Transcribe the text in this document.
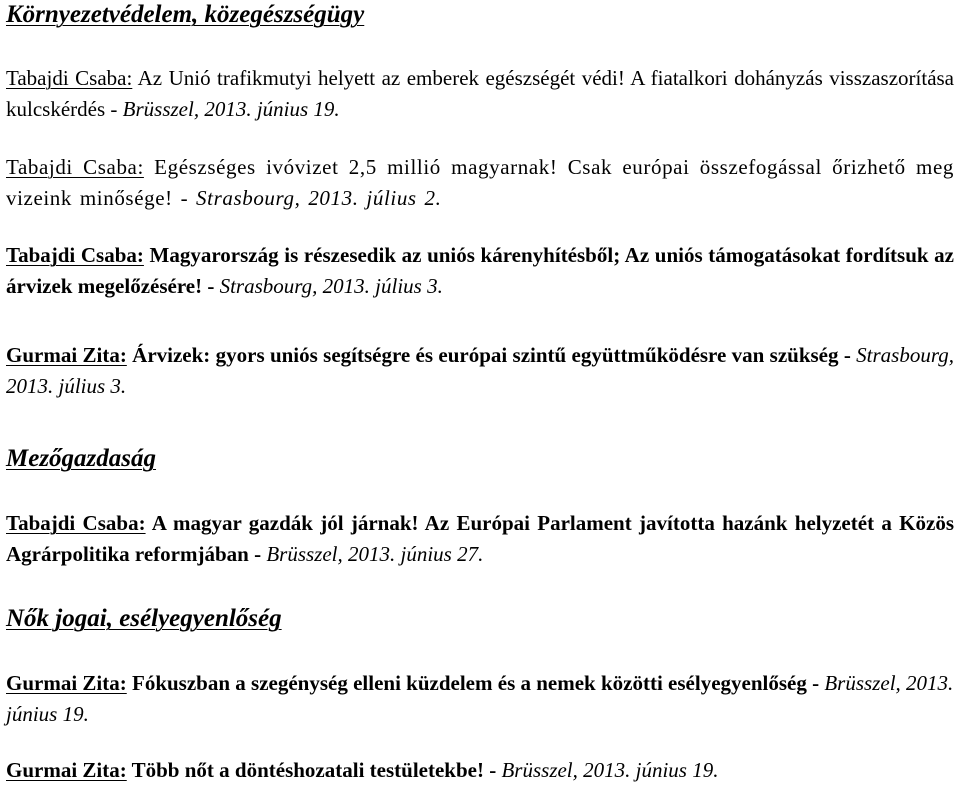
Környezetvédelem, közegészségügy

Tabajdi Csaba: Az Unió trafikmutyi helyett az emberek egészségét védi! A fiatalkori dohányzás visszaszorítása kulcskérdés - Brüsszel, 2013. június 19.

Tabajdi Csaba: Egészséges ivóvizet 2,5 millió magyarnak! Csak európai összefogással őrizhető meg vizeink minősége! - Strasbourg, 2013. július 2.

Tabajdi Csaba: Magyarország is részesedik az uniós kárenyhítésből; Az uniós támogatásokat fordítsuk az árvizek megelőzésére! - Strasbourg, 2013. július 3.

Gurmai Zita: Árvizek: gyors uniós segítségre és európai szintű együttműködésre van szükség - Strasbourg, 2013. július 3.

Mezőgazdaság

Tabajdi Csaba: A magyar gazdák jól járnak! Az Európai Parlament javította hazánk helyzetét a Közös Agrárpolitika reformjában - Brüsszel, 2013. június 27.

Nők jogai, esélyegyenlőség

Gurmai Zita: Fókuszban a szegénység elleni küzdelem és a nemek közötti esélyegyenlőség - Brüsszel, 2013. június 19.

Gurmai Zita: Több nőt a döntéshozatali testületekbe! - Brüsszel, 2013. június 19.
